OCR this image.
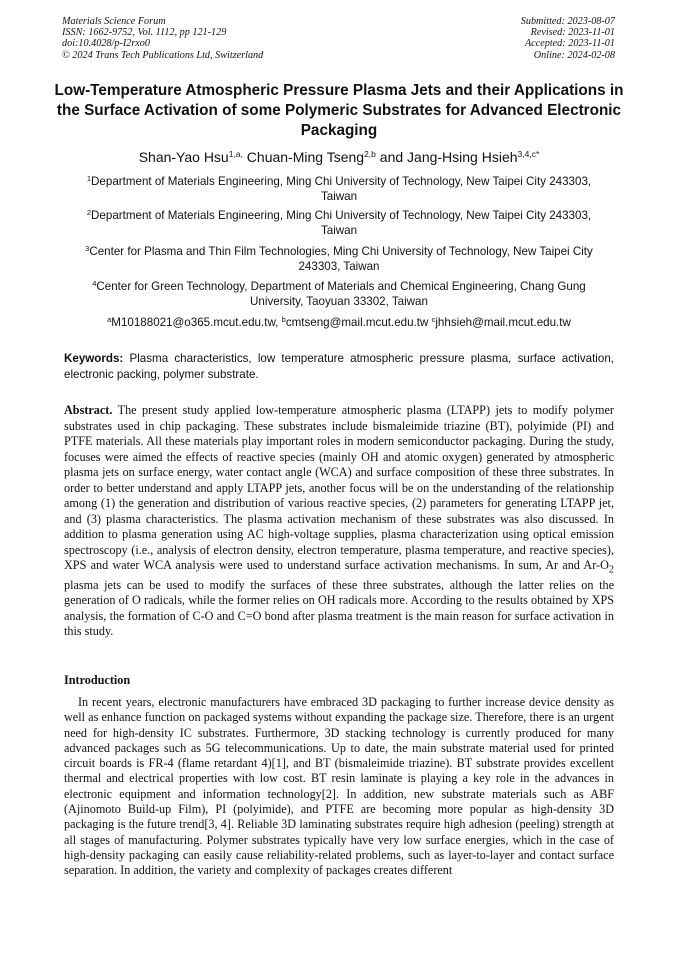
Materials Science Forum
ISSN: 1662-9752, Vol. 1112, pp 121-129
doi:10.4028/p-I2rxo0
© 2024 Trans Tech Publications Ltd, Switzerland
Submitted: 2023-08-07
Revised: 2023-11-01
Accepted: 2023-11-01
Online: 2024-02-08
Low-Temperature Atmospheric Pressure Plasma Jets and their Applications in the Surface Activation of some Polymeric Substrates for Advanced Electronic Packaging
Shan-Yao Hsu$^{1,a,}$ Chuan-Ming Tseng$^{2,b}$ and Jang-Hsing Hsieh$^{3,4,c*}$
$^1$Department of Materials Engineering, Ming Chi University of Technology, New Taipei City 243303, Taiwan
$^2$Department of Materials Engineering, Ming Chi University of Technology, New Taipei City 243303, Taiwan
$^3$Center for Plasma and Thin Film Technologies, Ming Chi University of Technology, New Taipei City 243303, Taiwan
$^4$Center for Green Technology, Department of Materials and Chemical Engineering, Chang Gung University, Taoyuan 33302, Taiwan
$^a$M10188021@o365.mcut.edu.tw, $^b$cmtseng@mail.mcut.edu.tw $^c$jhhsieh@mail.mcut.edu.tw
Keywords: Plasma characteristics, low temperature atmospheric pressure plasma, surface activation, electronic packing, polymer substrate.
Abstract. The present study applied low-temperature atmospheric plasma (LTAPP) jets to modify polymer substrates used in chip packaging. These substrates include bismaleimide triazine (BT), polyimide (PI) and PTFE materials. All these materials play important roles in modern semiconductor packaging. During the study, focuses were aimed the effects of reactive species (mainly OH and atomic oxygen) generated by atmospheric plasma jets on surface energy, water contact angle (WCA) and surface composition of these three substrates. In order to better understand and apply LTAPP jets, another focus will be on the understanding of the relationship among (1) the generation and distribution of various reactive species, (2) parameters for generating LTAPP jet, and (3) plasma characteristics. The plasma activation mechanism of these substrates was also discussed. In addition to plasma generation using AC high-voltage supplies, plasma characterization using optical emission spectroscopy (i.e., analysis of electron density, electron temperature, plasma temperature, and reactive species), XPS and water WCA analysis were used to understand surface activation mechanisms. In sum, Ar and $Ar-O_2$ plasma jets can be used to modify the surfaces of these three substrates, although the latter relies on the generation of O radicals, while the former relies on OH radicals more. According to the results obtained by XPS analysis, the formation of C-O and C=O bond after plasma treatment is the main reason for surface activation in this study.
Introduction
In recent years, electronic manufacturers have embraced 3D packaging to further increase device density as well as enhance function on packaged systems without expanding the package size. Therefore, there is an urgent need for high-density IC substrates. Furthermore, 3D stacking technology is currently produced for many advanced packages such as 5G telecommunications. Up to date, the main substrate material used for printed circuit boards is FR-4 (flame retardant 4)[1], and BT (bismaleimide triazine). BT substrate provides excellent thermal and electrical properties with low cost. BT resin laminate is playing a key role in the advances in electronic equipment and information technology[2]. In addition, new substrate materials such as ABF (Ajinomoto Build-up Film), PI (polyimide), and PTFE are becoming more popular as high-density 3D packaging is the future trend[3, 4]. Reliable 3D laminating substrates require high adhesion (peeling) strength at all stages of manufacturing. Polymer substrates typically have very low surface energies, which in the case of high-density packaging can easily cause reliability-related problems, such as layer-to-layer and contact surface separation. In addition, the variety and complexity of packages creates different
